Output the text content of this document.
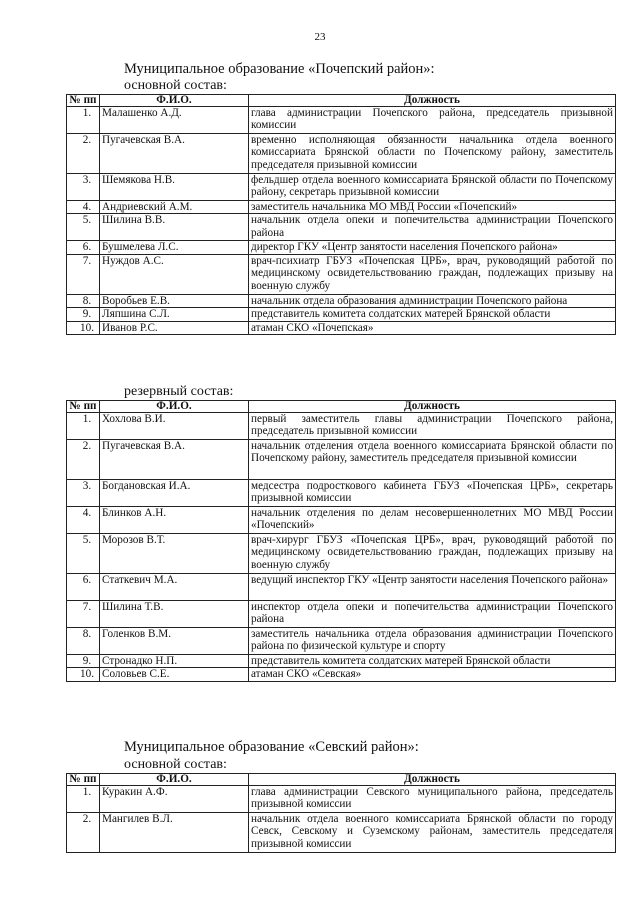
23
Муниципальное образование «Почепский район»:
основной состав:
№ пп	Ф.И.О.	Должность
1.	Малашенко А.Д.	глава администрации Почепского района, председатель призывной комиссии
2.	Пугачевская В.А.	временно исполняющая обязанности начальника отдела военного комиссариата Брянской области по Почепскому району, заместитель председателя призывной комиссии
3.	Шемякова Н.В.	фельдшер отдела военного комиссариата Брянской области по Почепскому району, секретарь призывной комиссии
4.	Андриевский А.М.	заместитель начальника МО МВД России «Почепский»
5.	Шилина В.В.	начальник отдела опеки и попечительства администрации Почепского района
6.	Бушмелева Л.С.	директор ГКУ «Центр занятости населения Почепского района»
7.	Нуждов А.С.	врач-психиатр ГБУЗ «Почепская ЦРБ», врач, руководящий работой по медицинскому освидетельствованию граждан, подлежащих призыву на военную службу
8.	Воробьев Е.В.	начальник отдела образования администрации Почепского района
9.	Ляпшина С.Л.	представитель комитета солдатских матерей Брянской области
10.	Иванов Р.С.	атаман СКО «Почепская»
резервный состав:
№ пп	Ф.И.О.	Должность
1.	Хохлова В.И.	первый заместитель главы администрации Почепского района, председатель призывной комиссии
2.	Пугачевская В.А.	начальник отделения отдела военного комиссариата Брянской области по Почепскому району, заместитель председателя призывной комиссии
3.	Богдановская И.А.	медсестра подросткового кабинета ГБУЗ «Почепская ЦРБ», секретарь призывной комиссии
4.	Блинков А.Н.	начальник отделения по делам несовершеннолетних МО МВД России «Почепский»
5.	Морозов В.Т.	врач-хирург ГБУЗ «Почепская ЦРБ», врач, руководящий работой по медицинскому освидетельствованию граждан, подлежащих призыву на военную службу
6.	Статкевич М.А.	ведущий инспектор ГКУ «Центр занятости населения Почепского района»
7.	Шилина Т.В.	инспектор отдела опеки и попечительства администрации Почепского района
8.	Голенков В.М.	заместитель начальника отдела образования администрации Почепского района по физической культуре и спорту
9.	Стронадко Н.П.	представитель комитета солдатских матерей Брянской области
10.	Соловьев С.Е.	атаман СКО «Севская»
Муниципальное образование «Севский район»:
основной состав:
№ пп	Ф.И.О.	Должность
1.	Куракин А.Ф.	глава администрации Севского муниципального района, председатель призывной комиссии
2.	Мангилев В.Л.	начальник отдела военного комиссариата Брянской области по городу Севск, Севскому и Суземскому районам, заместитель председателя призывной комиссии
